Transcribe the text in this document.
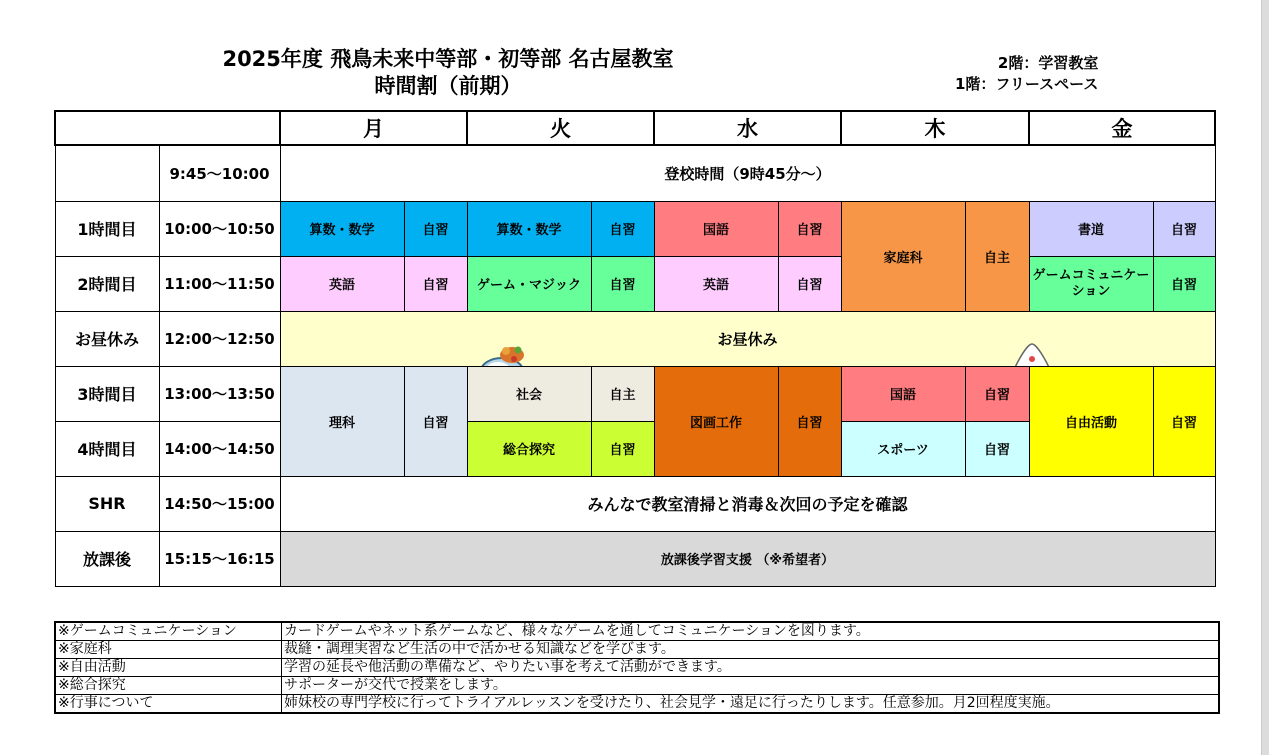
2025年度 飛鳥未来中等部・初等部 名古屋教室
時間割（前期）
2階：学習教室
1階：フリースペース
		月		火		水		木		金	
	9:45～10:00	登校時間（9時45分～）									
1時間目	10:00～10:50	算数・数学	自習	算数・数学	自習	国語	自習	家庭科	自主	書道	自習
2時間目	11:00～11:50	英語	自習	ゲーム・マジック	自習	英語	自習			ゲームコミュニケーション	自習
お昼休み	12:00～12:50	お昼休み									

3時間目	13:00～13:50	理科	自習	社会	自主	図画工作	自習	国語	自習	自由活動	自習
4時間目	14:00～14:50			総合探究	自習			スポーツ	自習		
SHR	14:50～15:00	みんなで教室清掃と消毒＆次回の予定を確認									
放課後	15:15～16:15	放課後学習支援 （※希望者）									
※ゲームコミュニケーション	カードゲームやネット系ゲームなど、様々なゲームを通してコミュニケーションを図ります。
※家庭科	裁縫・調理実習など生活の中で活かせる知識などを学びます。
※自由活動	学習の延長や他活動の準備など、やりたい事を考えて活動ができます。
※総合探究	サポーターが交代で授業をします。
※行事について	姉妹校の専門学校に行ってトライアルレッスンを受けたり、社会見学・遠足に行ったりします。任意参加。月2回程度実施。
